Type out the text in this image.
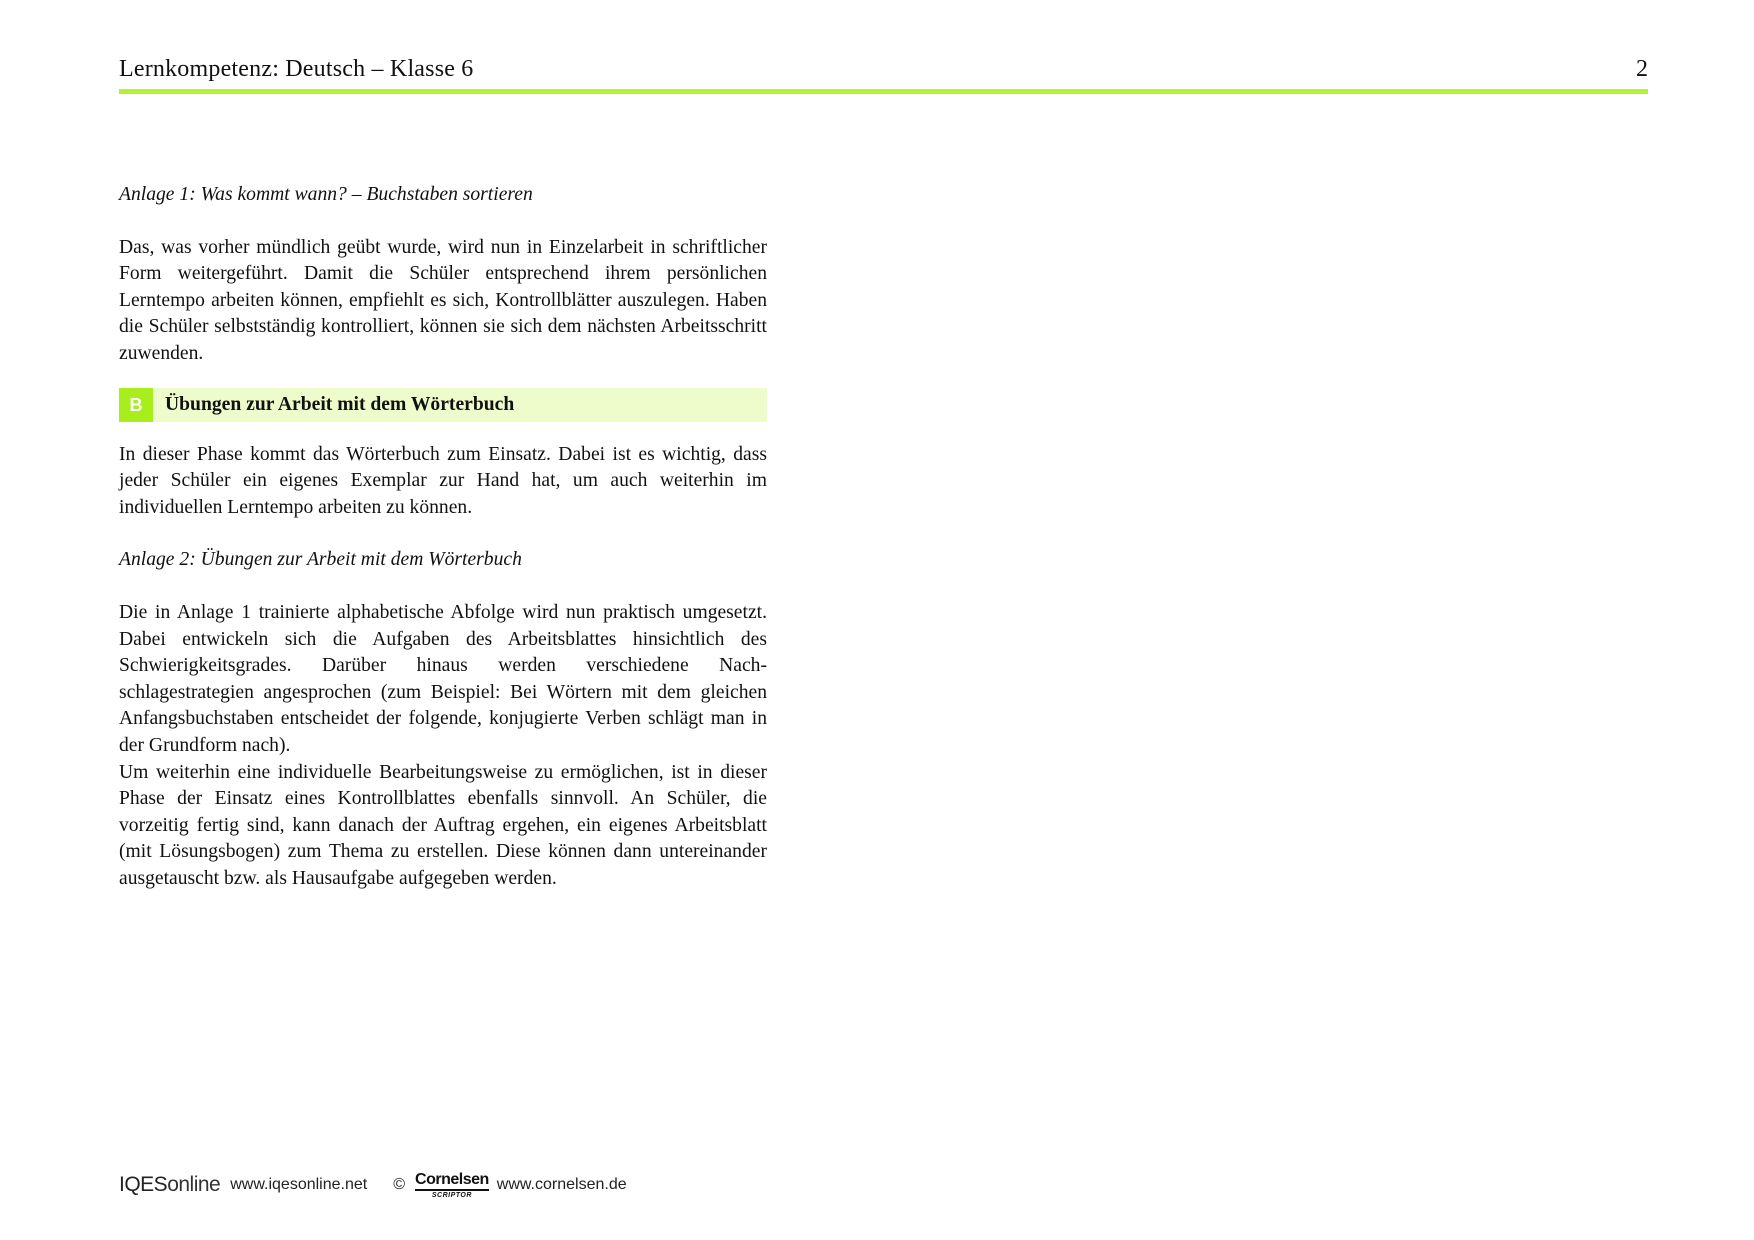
Lernkompetenz: Deutsch – Klasse 6	2

Anlage 1: Was kommt wann? – Buchstaben sortieren

Das, was vorher mündlich geübt wurde, wird nun in Einzelarbeit in schriftlicher Form weitergeführt. Damit die Schüler entsprechend ihrem persönlichen Lerntempo arbeiten können, empfiehlt es sich, Kontrollblätter auszulegen. Haben die Schüler selbstständig kontrolliert, können sie sich dem nächsten Arbeitsschritt zuwenden.

B	Übungen zur Arbeit mit dem Wörterbuch

In dieser Phase kommt das Wörterbuch zum Einsatz. Dabei ist es wichtig, dass jeder Schüler ein eigenes Exemplar zur Hand hat, um auch weiterhin im individuellen Lerntempo arbeiten zu können.

Anlage 2: Übungen zur Arbeit mit dem Wörterbuch

Die in Anlage 1 trainierte alphabetische Abfolge wird nun praktisch umgesetzt. Dabei entwickeln sich die Aufgaben des Arbeitsblattes hinsichtlich des Schwierigkeitsgrades. Darüber hinaus werden verschiedene Nachschlagestrategien angesprochen (zum Beispiel: Bei Wörtern mit dem gleichen Anfangsbuchstaben entscheidet der folgende, konjugierte Verben schlägt man in der Grundform nach).

Um weiterhin eine individuelle Bearbeitungsweise zu ermöglichen, ist in dieser Phase der Einsatz eines Kontrollblattes ebenfalls sinnvoll. An Schüler, die vorzeitig fertig sind, kann danach der Auftrag ergehen, ein eigenes Arbeitsblatt (mit Lösungsbogen) zum Thema zu erstellen. Diese können dann untereinander ausgetauscht bzw. als Hausaufgabe aufgegeben werden.

IQESonline www.iqesonline.net © Cornelsen
SCRIPTOR
www.cornelsen.de
